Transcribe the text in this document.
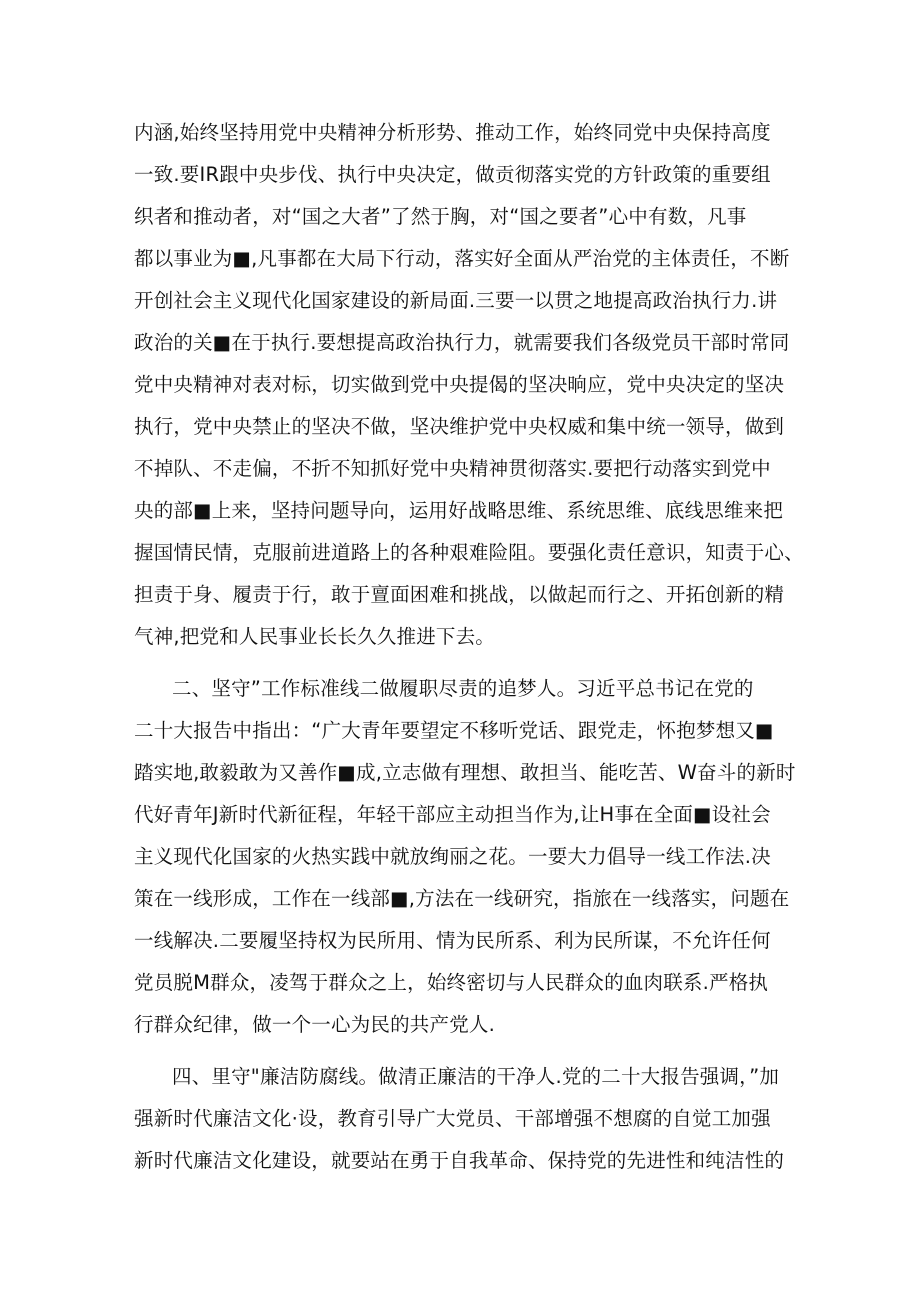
内涵,始终坚持用党中央精神分析形势、推动工作，始终同党中央保持高度
一致.要IR跟中央步伐、执行中央决定，做贡彻落实党的方针政策的重要组
织者和推动者，对“国之大者”了然于胸，对“国之要者”心中有数，凡事
都以事业为■,凡事都在大局下行动，落实好全面从严治党的主体责任，不断
开创社会主义现代化国家建设的新局面.三要一以贯之地提高政治执行力.讲
政治的关■在于执行.要想提高政治执行力，就需要我们各级党员干部时常同
党中央精神对表对标，切实做到党中央提偈的坚决晌应，党中央决定的坚决
执行，党中央禁止的坚决不做，坚决维护党中央权威和集中统一领导，做到
不掉队、不走偏，不折不知抓好党中央精神贯彻落实.要把行动落实到党中
央的部■上来，坚持问题导向，运用好战略思维、系统思维、底线思维来把
握国情民情，克服前进道路上的各种艰难险阻。要强化责任意识，知责于心、
担责于身、履责于行，敢于亶面困难和挑战，以做起而行之、开拓创新的精
气神,把党和人民事业长长久久推进下去。
二、坚守”工作标准线二做履职尽责的追梦人。习近平总书记在党的
二十大报告中指出：“广大青年要望定不移听党话、跟党走，怀抱梦想又■
踏实地,敢毅敢为又善作■成,立志做有理想、敢担当、能吃苦、W奋斗的新时
代好青年J新时代新征程，年轻干部应主动担当作为,让H事在全面■设社会
主义现代化国家的火热实践中就放绚丽之花。一要大力倡导一线工作法.决
策在一线形成，工作在一线部■,方法在一线研究，指旅在一线落实，问题在
一线解决.二要履坚持权为民所用、情为民所系、利为民所谋，不允许任何
党员脱M群众，凌驾于群众之上，始终密切与人民群众的血肉联系.严格执
行群众纪律，做一个一心为民的共产党人.
四、里守"廉洁防腐线。做清正廉洁的干净人.党的二十大报告强调，”加
强新时代廉洁文化·设，教育引导广大党员、干部增强不想腐的自觉工加强
新时代廉洁文化建设，就要站在勇于自我革命、保持党的先进性和纯洁性的
